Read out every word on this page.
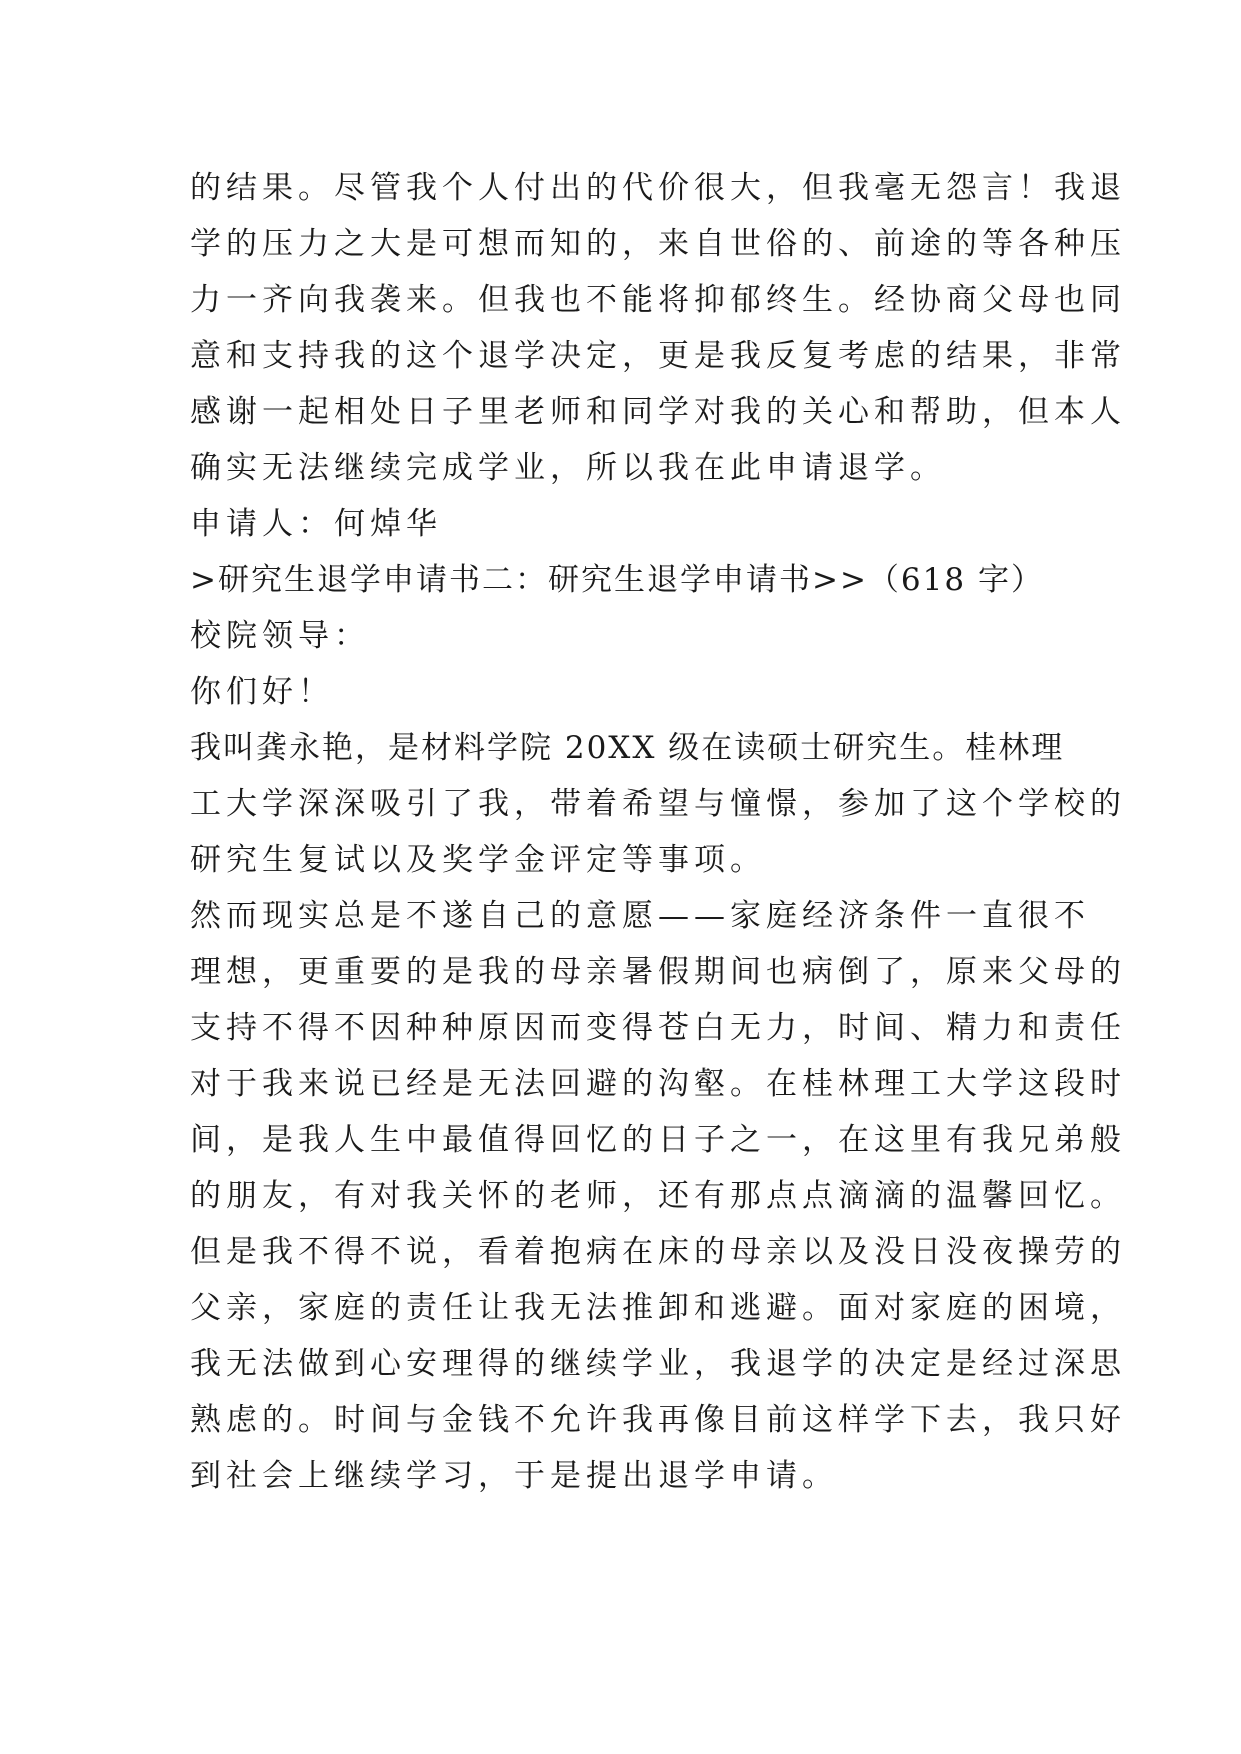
的结果。尽管我个人付出的代价很大，但我毫无怨言！我退

学的压力之大是可想而知的，来自世俗的、前途的等各种压

力一齐向我袭来。但我也不能将抑郁终生。经协商父母也同

意和支持我的这个退学决定，更是我反复考虑的结果，非常

感谢一起相处日子里老师和同学对我的关心和帮助，但本人

确实无法继续完成学业，所以我在此申请退学。

申请人：何焯华

>研究生退学申请书二：研究生退学申请书>>（618 字）

校院领导：

你们好！

我叫龚永艳，是材料学院 20XX 级在读硕士研究生。桂林理

工大学深深吸引了我，带着希望与憧憬，参加了这个学校的

研究生复试以及奖学金评定等事项。

然而现实总是不遂自己的意愿——家庭经济条件一直很不

理想，更重要的是我的母亲暑假期间也病倒了，原来父母的

支持不得不因种种原因而变得苍白无力，时间、精力和责任

对于我来说已经是无法回避的沟壑。在桂林理工大学这段时

间，是我人生中最值得回忆的日子之一，在这里有我兄弟般

的朋友，有对我关怀的老师，还有那点点滴滴的温馨回忆。

但是我不得不说，看着抱病在床的母亲以及没日没夜操劳的

父亲，家庭的责任让我无法推卸和逃避。面对家庭的困境，

我无法做到心安理得的继续学业，我退学的决定是经过深思

熟虑的。时间与金钱不允许我再像目前这样学下去，我只好

到社会上继续学习，于是提出退学申请。
